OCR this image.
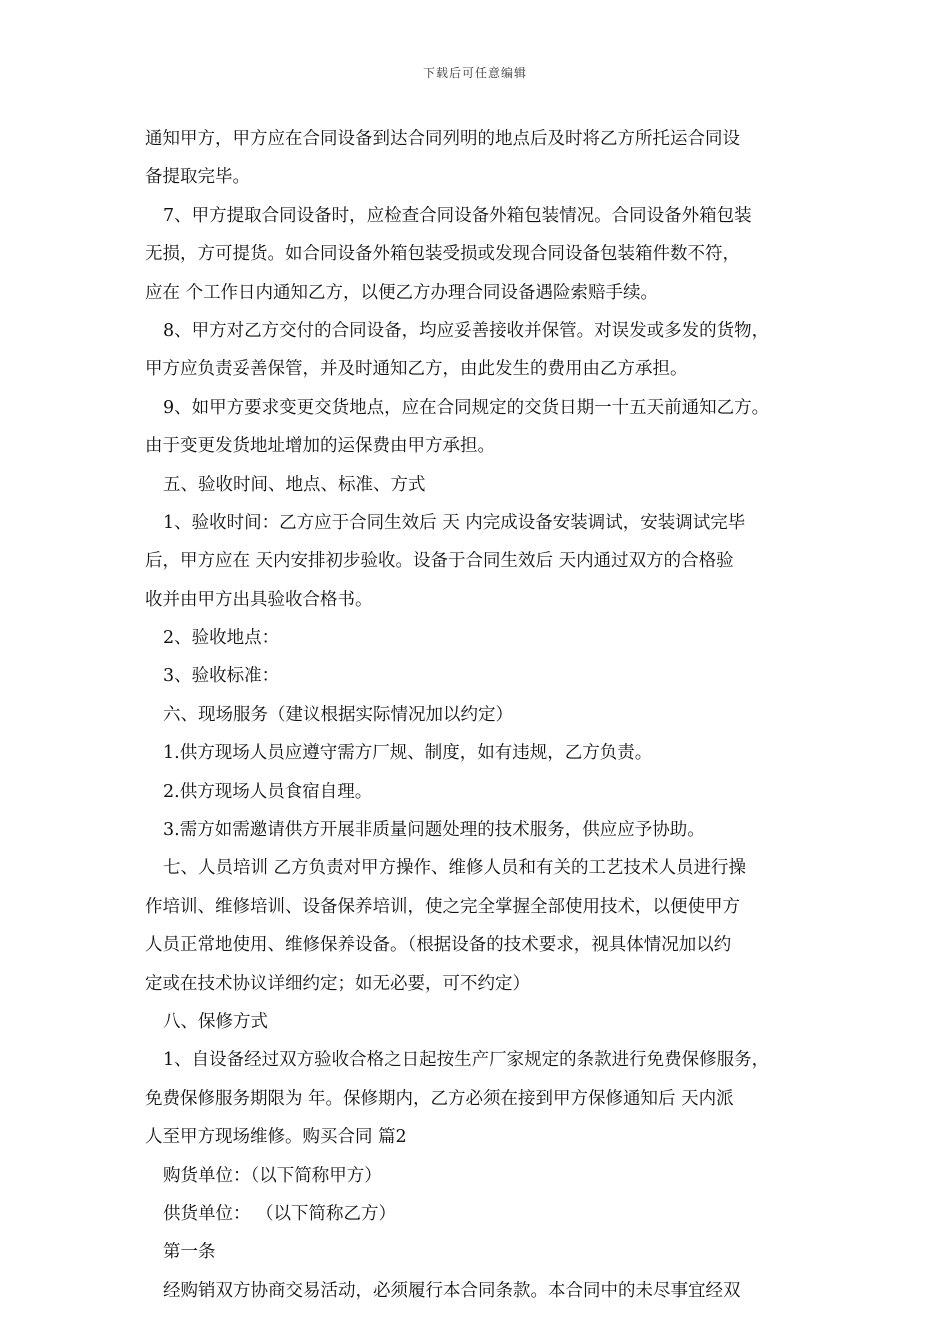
下载后可任意编辑
通知甲方，甲方应在合同设备到达合同列明的地点后及时将乙方所托运合同设
备提取完毕。
7、甲方提取合同设备时，应检查合同设备外箱包装情况。合同设备外箱包装
无损，方可提货。如合同设备外箱包装受损或发现合同设备包装箱件数不符，
应在 个工作日内通知乙方，以便乙方办理合同设备遇险索赔手续。
8、甲方对乙方交付的合同设备，均应妥善接收并保管。对误发或多发的货物，
甲方应负责妥善保管，并及时通知乙方，由此发生的费用由乙方承担。
9、如甲方要求变更交货地点，应在合同规定的交货日期一十五天前通知乙方。
由于变更发货地址增加的运保费由甲方承担。
五、验收时间、地点、标准、方式
1、验收时间：乙方应于合同生效后 天 内完成设备安装调试，安装调试完毕
后，甲方应在 天内安排初步验收。设备于合同生效后 天内通过双方的合格验
收并由甲方出具验收合格书。
2、验收地点：
3、验收标准：
六、现场服务（建议根据实际情况加以约定）
1.供方现场人员应遵守需方厂规、制度，如有违规，乙方负责。
2.供方现场人员食宿自理。
3.需方如需邀请供方开展非质量问题处理的技术服务，供应应予协助。
七、人员培训 乙方负责对甲方操作、维修人员和有关的工艺技术人员进行操
作培训、维修培训、设备保养培训，使之完全掌握全部使用技术，以便使甲方
人员正常地使用、维修保养设备。（根据设备的技术要求，视具体情况加以约
定或在技术协议详细约定；如无必要，可不约定）
八、保修方式
1、自设备经过双方验收合格之日起按生产厂家规定的条款进行免费保修服务，
免费保修服务期限为 年。保修期内，乙方必须在接到甲方保修通知后 天内派
人至甲方现场维修。购买合同 篇2
购货单位：（以下简称甲方）
供货单位： （以下简称乙方）
第一条
经购销双方协商交易活动，必须履行本合同条款。本合同中的未尽事宜经双
